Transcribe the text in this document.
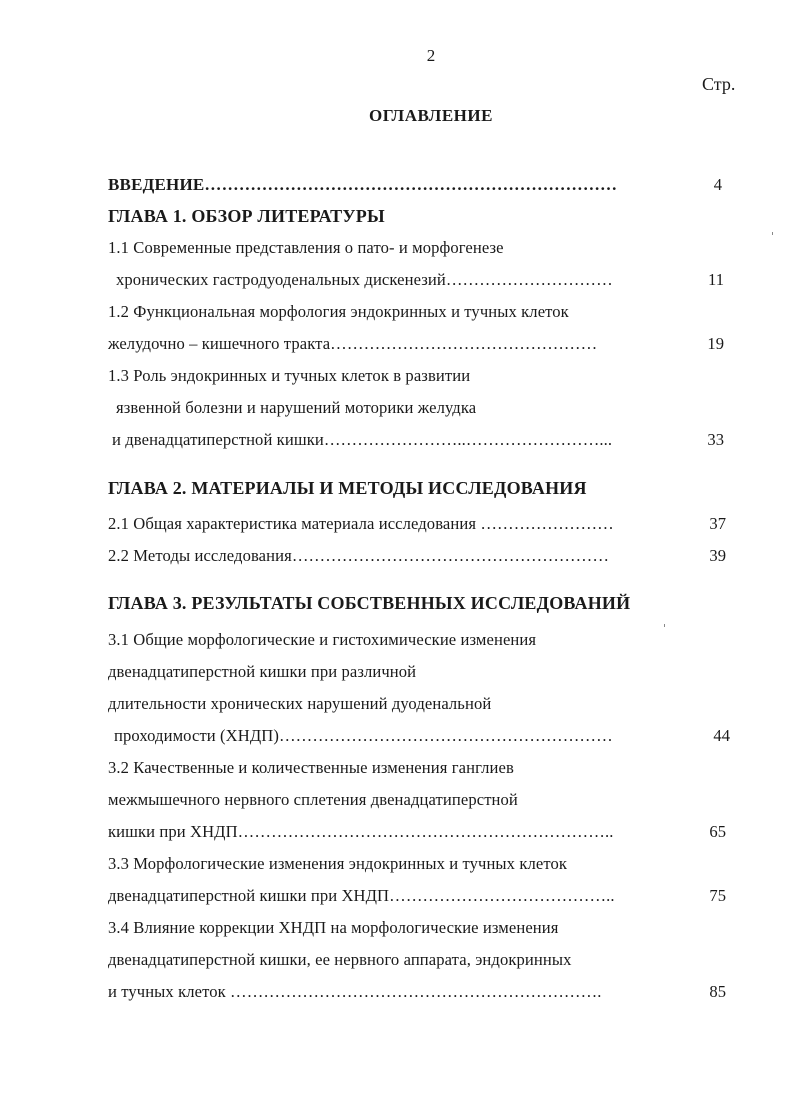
2
Стр.
ОГЛАВЛЕНИЕ
ВВЕДЕНИЕ………………………………………………………………	4
ГЛАВА 1. ОБЗОР ЛИТЕРАТУРЫ
1.1 Современные представления о пато- и морфогенезе
хронических гастродуоденальных дискенезий…………………………	11
1.2 Функциональная морфология эндокринных и тучных клеток
желудочно – кишечного тракта…………………………………………	19
1.3 Роль эндокринных и тучных клеток в развитии
язвенной болезни и нарушений моторики желудка
и двенадцатиперстной кишки……………………..……………………...	33
ГЛАВА 2. МАТЕРИАЛЫ И МЕТОДЫ ИССЛЕДОВАНИЯ
2.1 Общая характеристика материала исследования ……………………	37
2.2 Методы исследования…………………………………………………	39
ГЛАВА 3. РЕЗУЛЬТАТЫ СОБСТВЕННЫХ ИССЛЕДОВАНИЙ
3.1 Общие морфологические и гистохимические изменения
двенадцатиперстной кишки при различной
длительности хронических нарушений дуоденальной
проходимости (ХНДП)……………………………………………………	44
3.2 Качественные и количественные изменения ганглиев
межмышечного нервного сплетения двенадцатиперстной
кишки при ХНДП…………………………………………………………..	65
3.3 Морфологические изменения эндокринных и тучных клеток
двенадцатиперстной кишки при ХНДП…………………………………..	75
3.4 Влияние коррекции ХНДП на морфологические изменения
двенадцатиперстной кишки, ее нервного аппарата, эндокринных
и тучных клеток ………………………………………………………….	85
